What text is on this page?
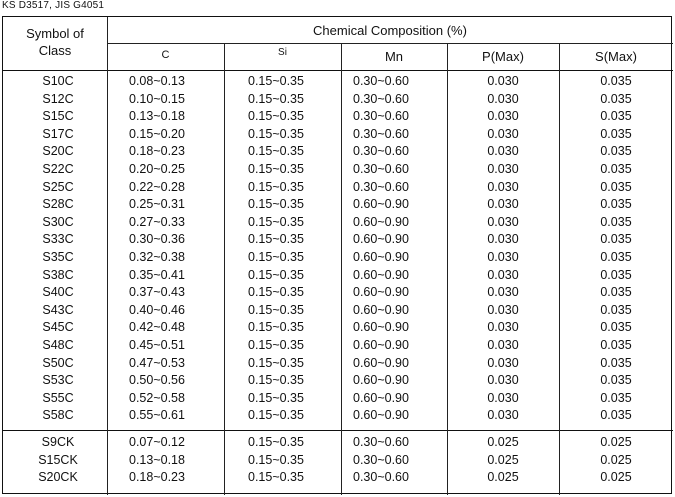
KS D3517, JIS G4051
Symbol of
Class
Chemical Composition (%)
C	Si	Mn	P(Max)	S(Max)
S10C	0.08~0.13	0.15~0.35	0.30~0.60	0.030	0.035
S12C	0.10~0.15	0.15~0.35	0.30~0.60	0.030	0.035
S15C	0.13~0.18	0.15~0.35	0.30~0.60	0.030	0.035
S17C	0.15~0.20	0.15~0.35	0.30~0.60	0.030	0.035
S20C	0.18~0.23	0.15~0.35	0.30~0.60	0.030	0.035
S22C	0.20~0.25	0.15~0.35	0.30~0.60	0.030	0.035
S25C	0.22~0.28	0.15~0.35	0.30~0.60	0.030	0.035
S28C	0.25~0.31	0.15~0.35	0.60~0.90	0.030	0.035
S30C	0.27~0.33	0.15~0.35	0.60~0.90	0.030	0.035
S33C	0.30~0.36	0.15~0.35	0.60~0.90	0.030	0.035
S35C	0.32~0.38	0.15~0.35	0.60~0.90	0.030	0.035
S38C	0.35~0.41	0.15~0.35	0.60~0.90	0.030	0.035
S40C	0.37~0.43	0.15~0.35	0.60~0.90	0.030	0.035
S43C	0.40~0.46	0.15~0.35	0.60~0.90	0.030	0.035
S45C	0.42~0.48	0.15~0.35	0.60~0.90	0.030	0.035
S48C	0.45~0.51	0.15~0.35	0.60~0.90	0.030	0.035
S50C	0.47~0.53	0.15~0.35	0.60~0.90	0.030	0.035
S53C	0.50~0.56	0.15~0.35	0.60~0.90	0.030	0.035
S55C	0.52~0.58	0.15~0.35	0.60~0.90	0.030	0.035
S58C	0.55~0.61	0.15~0.35	0.60~0.90	0.030	0.035
S9CK	0.07~0.12	0.15~0.35	0.30~0.60	0.025	0.025
S15CK	0.13~0.18	0.15~0.35	0.30~0.60	0.025	0.025
S20CK	0.18~0.23	0.15~0.35	0.30~0.60	0.025	0.025
